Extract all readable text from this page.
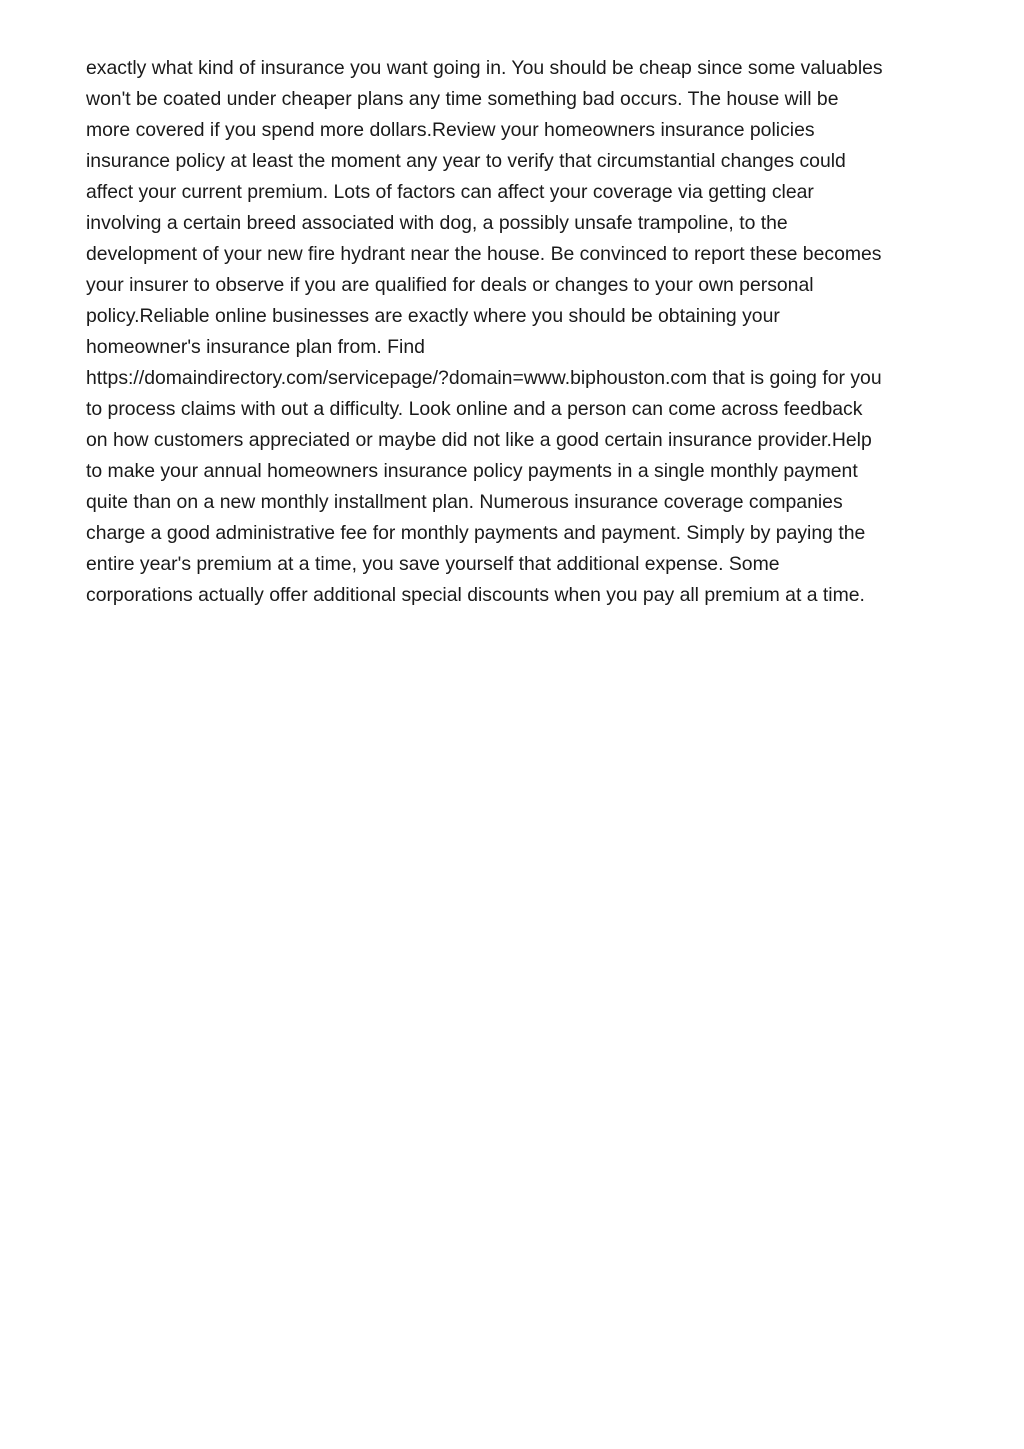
exactly what kind of insurance you want going in. You should be cheap since some valuables
won't be coated under cheaper plans any time something bad occurs. The house will be
more covered if you spend more dollars.Review your homeowners insurance policies
insurance policy at least the moment any year to verify that circumstantial changes could
affect your current premium. Lots of factors can affect your coverage via getting clear
involving a certain breed associated with dog, a possibly unsafe trampoline, to the
development of your new fire hydrant near the house. Be convinced to report these becomes
your insurer to observe if you are qualified for deals or changes to your own personal
policy.Reliable online businesses are exactly where you should be obtaining your
homeowner's insurance plan from. Find
https://domaindirectory.com/servicepage/?domain=www.biphouston.com that is going for you
to process claims with out a difficulty. Look online and a person can come across feedback
on how customers appreciated or maybe did not like a good certain insurance provider.Help
to make your annual homeowners insurance policy payments in a single monthly payment
quite than on a new monthly installment plan. Numerous insurance coverage companies
charge a good administrative fee for monthly payments and payment. Simply by paying the
entire year's premium at a time, you save yourself that additional expense. Some
corporations actually offer additional special discounts when you pay all premium at a time.
